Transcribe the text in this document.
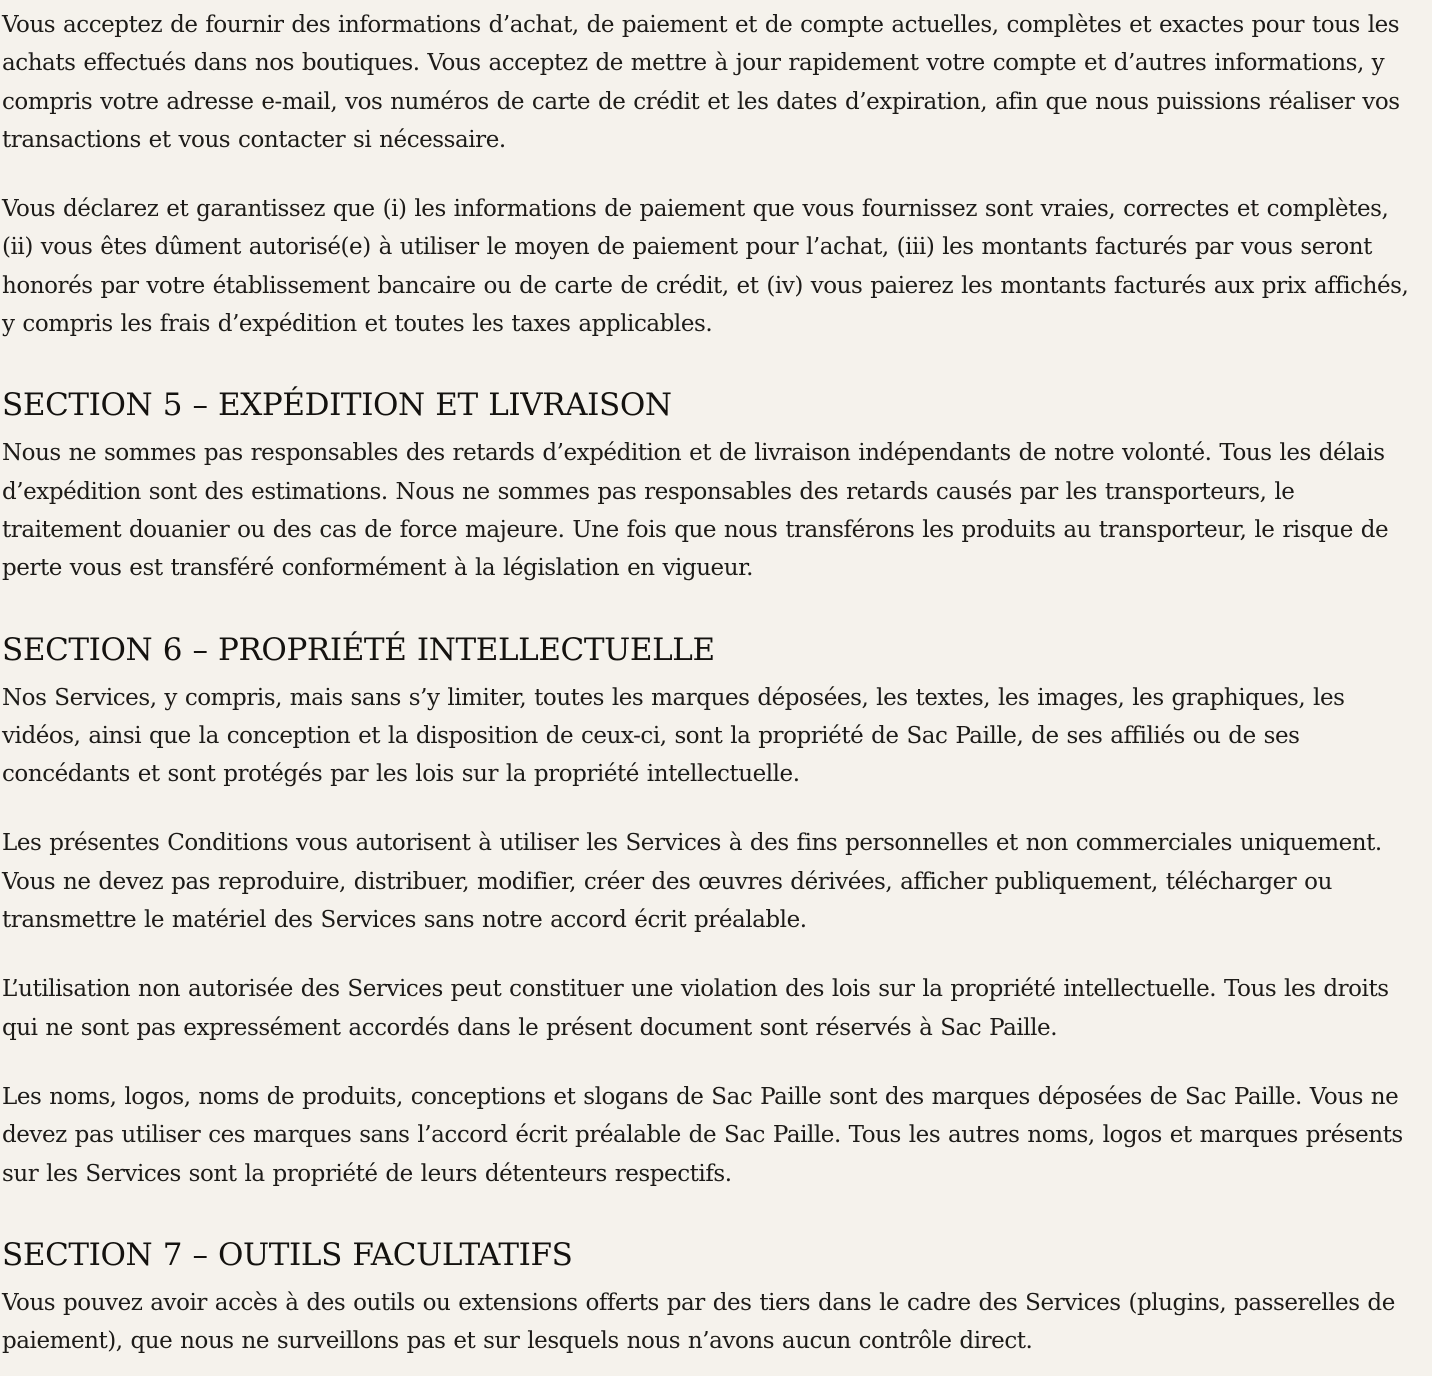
Vous acceptez de fournir des informations d’achat, de paiement et de compte actuelles, complètes et exactes pour tous les achats effectués dans nos boutiques. Vous acceptez de mettre à jour rapidement votre compte et d’autres informations, y compris votre adresse e-mail, vos numéros de carte de crédit et les dates d’expiration, afin que nous puissions réaliser vos transactions et vous contacter si nécessaire.

Vous déclarez et garantissez que (i) les informations de paiement que vous fournissez sont vraies, correctes et complètes, (ii) vous êtes dûment autorisé(e) à utiliser le moyen de paiement pour l’achat, (iii) les montants facturés par vous seront honorés par votre établissement bancaire ou de carte de crédit, et (iv) vous paierez les montants facturés aux prix affichés, y compris les frais d’expédition et toutes les taxes applicables.

SECTION 5 – EXPÉDITION ET LIVRAISON

Nous ne sommes pas responsables des retards d’expédition et de livraison indépendants de notre volonté. Tous les délais d’expédition sont des estimations. Nous ne sommes pas responsables des retards causés par les transporteurs, le traitement douanier ou des cas de force majeure. Une fois que nous transférons les produits au transporteur, le risque de perte vous est transféré conformément à la législation en vigueur.

SECTION 6 – PROPRIÉTÉ INTELLECTUELLE

Nos Services, y compris, mais sans s’y limiter, toutes les marques déposées, les textes, les images, les graphiques, les vidéos, ainsi que la conception et la disposition de ceux-ci, sont la propriété de Sac Paille, de ses affiliés ou de ses concédants et sont protégés par les lois sur la propriété intellectuelle.

Les présentes Conditions vous autorisent à utiliser les Services à des fins personnelles et non commerciales uniquement. Vous ne devez pas reproduire, distribuer, modifier, créer des œuvres dérivées, afficher publiquement, télécharger ou transmettre le matériel des Services sans notre accord écrit préalable.

L’utilisation non autorisée des Services peut constituer une violation des lois sur la propriété intellectuelle. Tous les droits qui ne sont pas expressément accordés dans le présent document sont réservés à Sac Paille.

Les noms, logos, noms de produits, conceptions et slogans de Sac Paille sont des marques déposées de Sac Paille. Vous ne devez pas utiliser ces marques sans l’accord écrit préalable de Sac Paille. Tous les autres noms, logos et marques présents sur les Services sont la propriété de leurs détenteurs respectifs.

SECTION 7 – OUTILS FACULTATIFS

Vous pouvez avoir accès à des outils ou extensions offerts par des tiers dans le cadre des Services (plugins, passerelles de paiement), que nous ne surveillons pas et sur lesquels nous n’avons aucun contrôle direct.
